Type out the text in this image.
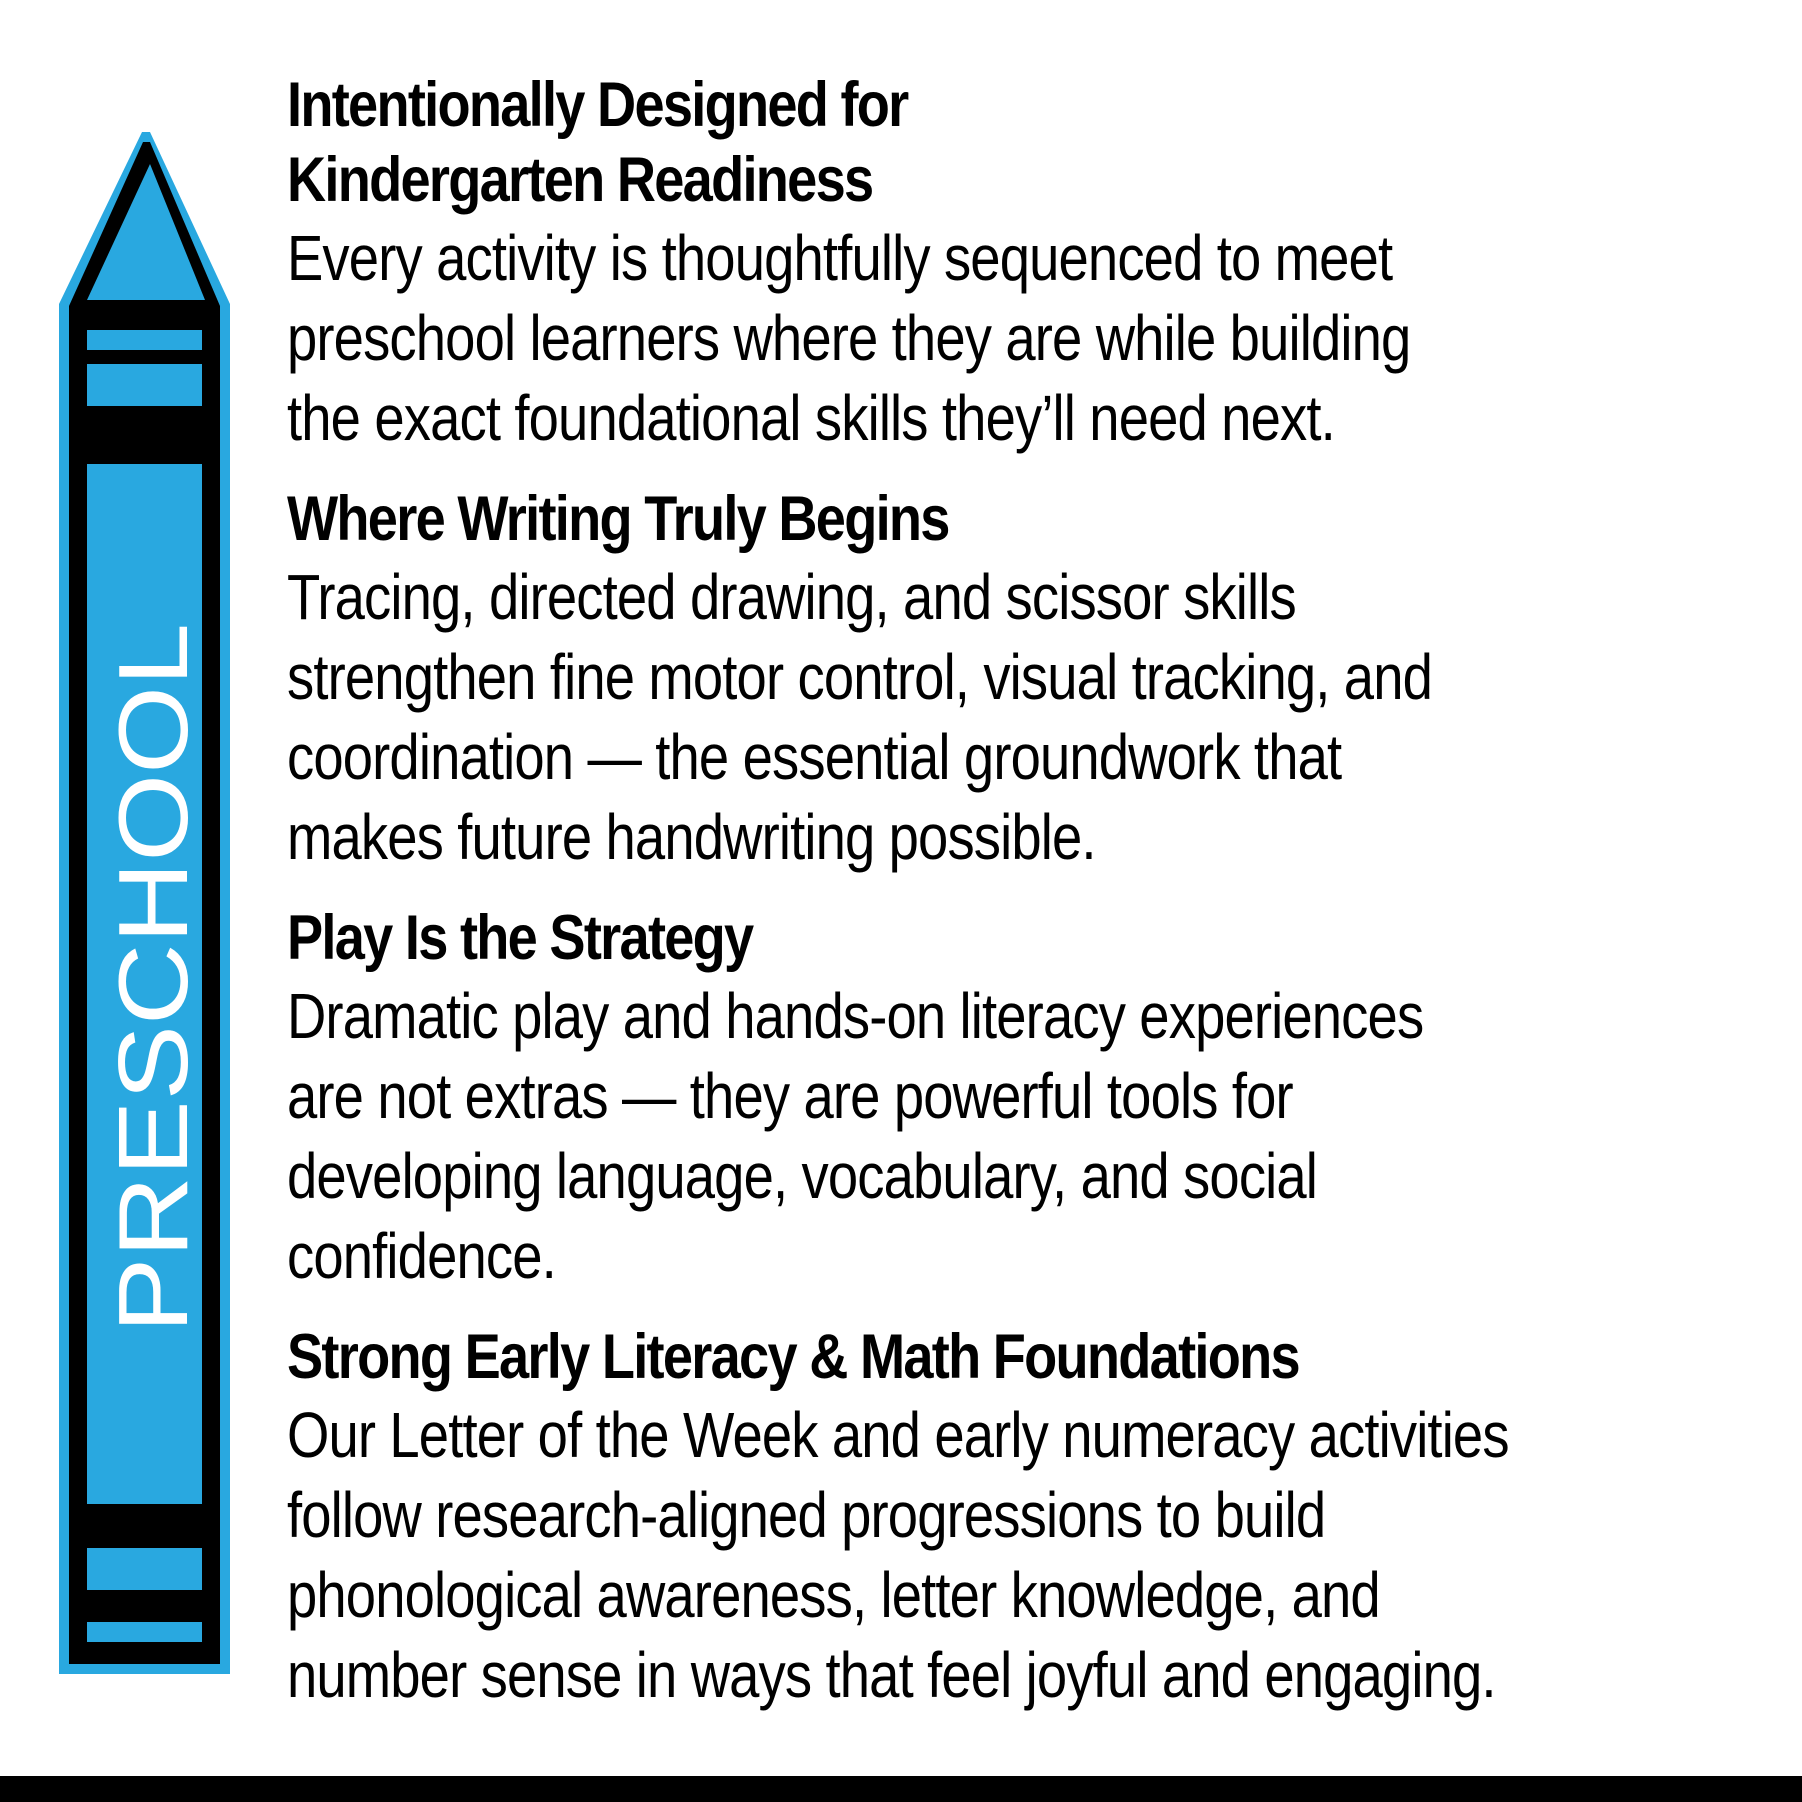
PRESCHOOL

Intentionally Designed for
Kindergarten Readiness

Every activity is thoughtfully sequenced to meet
preschool learners where they are while building
the exact foundational skills they’ll need next.

Where Writing Truly Begins

Tracing, directed drawing, and scissor skills
strengthen fine motor control, visual tracking, and
coordination — the essential groundwork that
makes future handwriting possible.

Play Is the Strategy

Dramatic play and hands-on literacy experiences
are not extras — they are powerful tools for
developing language, vocabulary, and social
confidence.

Strong Early Literacy & Math Foundations

Our Letter of the Week and early numeracy activities
follow research-aligned progressions to build
phonological awareness, letter knowledge, and
number sense in ways that feel joyful and engaging.
